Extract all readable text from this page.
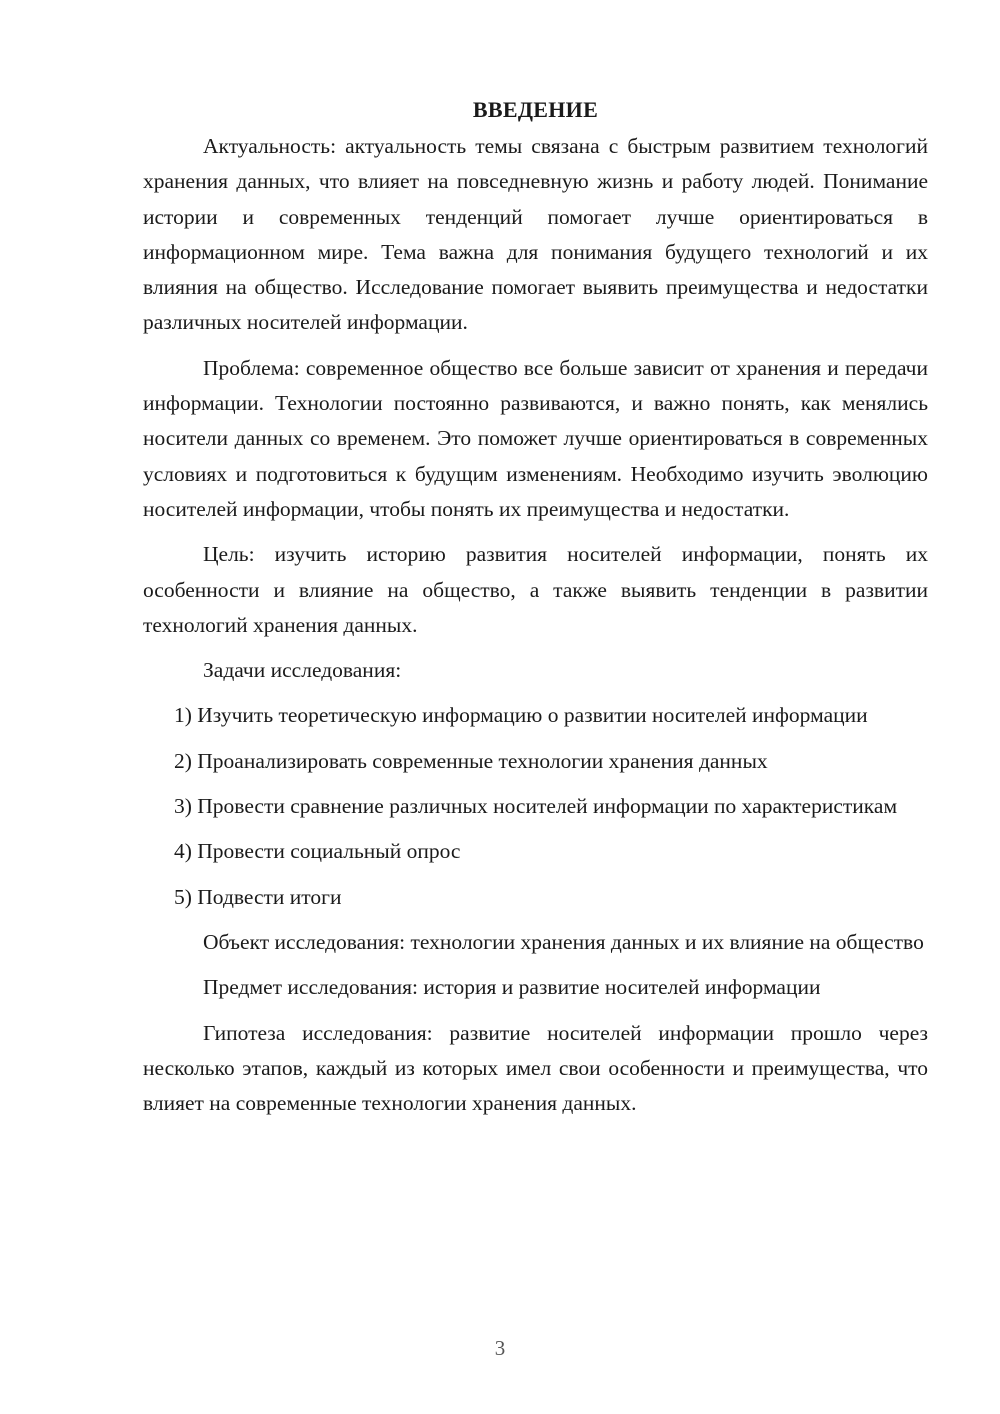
ВВЕДЕНИЕ

Актуальность: актуальность темы связана с быстрым развитием технологий хранения данных, что влияет на повседневную жизнь и работу людей. Понимание истории и современных тенденций помогает лучше ориентироваться в информационном мире. Тема важна для понимания будущего технологий и их влияния на общество. Исследование помогает выявить преимущества и недостатки различных носителей информации.

Проблема: современное общество все больше зависит от хранения и передачи информации. Технологии постоянно развиваются, и важно понять, как менялись носители данных со временем. Это поможет лучше ориентироваться в современных условиях и подготовиться к будущим изменениям. Необходимо изучить эволюцию носителей информации, чтобы понять их преимущества и недостатки.

Цель: изучить историю развития носителей информации, понять их особенности и влияние на общество, а также выявить тенденции в развитии технологий хранения данных.

Задачи исследования:

1) Изучить теоретическую информацию о развитии носителей информации

2) Проанализировать современные технологии хранения данных

3) Провести сравнение различных носителей информации по характеристикам

4) Провести социальный опрос

5) Подвести итоги

Объект исследования: технологии хранения данных и их влияние на общество

Предмет исследования: история и развитие носителей информации

Гипотеза исследования: развитие носителей информации прошло через несколько этапов, каждый из которых имел свои особенности и преимущества, что влияет на современные технологии хранения данных.

3
